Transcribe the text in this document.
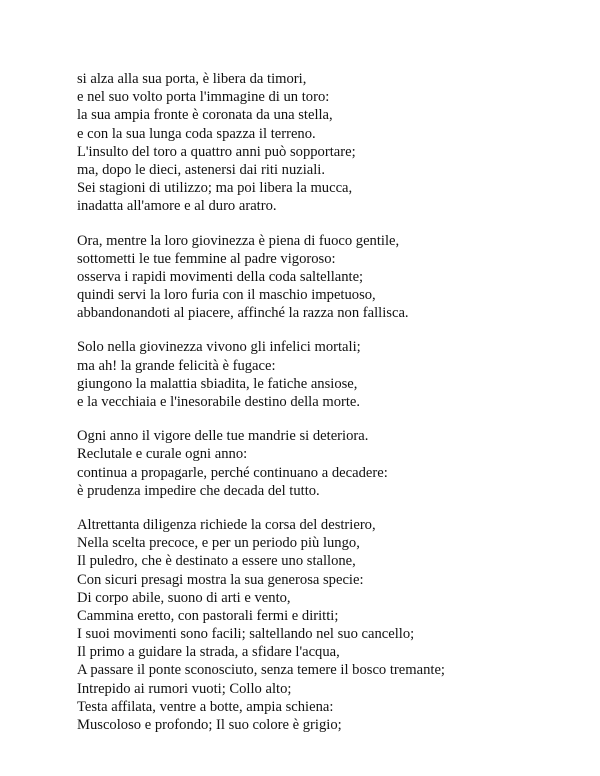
si alza alla sua porta, è libera da timori,
e nel suo volto porta l'immagine di un toro:
la sua ampia fronte è coronata da una stella,
e con la sua lunga coda spazza il terreno.
L'insulto del toro a quattro anni può sopportare;
ma, dopo le dieci, astenersi dai riti nuziali.
Sei stagioni di utilizzo; ma poi libera la mucca,
inadatta all'amore e al duro aratro.
Ora, mentre la loro giovinezza è piena di fuoco gentile,
sottometti le tue femmine al padre vigoroso:
osserva i rapidi movimenti della coda saltellante;
quindi servi la loro furia con il maschio impetuoso,
abbandonandoti al piacere, affinché la razza non fallisca.
Solo nella giovinezza vivono gli infelici mortali;
ma ah! la grande felicità è fugace:
giungono la malattia sbiadita, le fatiche ansiose,
e la vecchiaia e l'inesorabile destino della morte.
Ogni anno il vigore delle tue mandrie si deteriora.
Reclutale e curale ogni anno:
continua a propagarle, perché continuano a decadere:
è prudenza impedire che decada del tutto.
Altrettanta diligenza richiede la corsa del destriero,
Nella scelta precoce, e per un periodo più lungo,
Il puledro, che è destinato a essere uno stallone,
Con sicuri presagi mostra la sua generosa specie:
Di corpo abile, suono di arti e vento,
Cammina eretto, con pastorali fermi e diritti;
I suoi movimenti sono facili; saltellando nel suo cancello;
Il primo a guidare la strada, a sfidare l'acqua,
A passare il ponte sconosciuto, senza temere il bosco tremante;
Intrepido ai rumori vuoti; Collo alto;
Testa affilata, ventre a botte, ampia schiena:
Muscoloso e profondo; Il suo colore è grigio;
